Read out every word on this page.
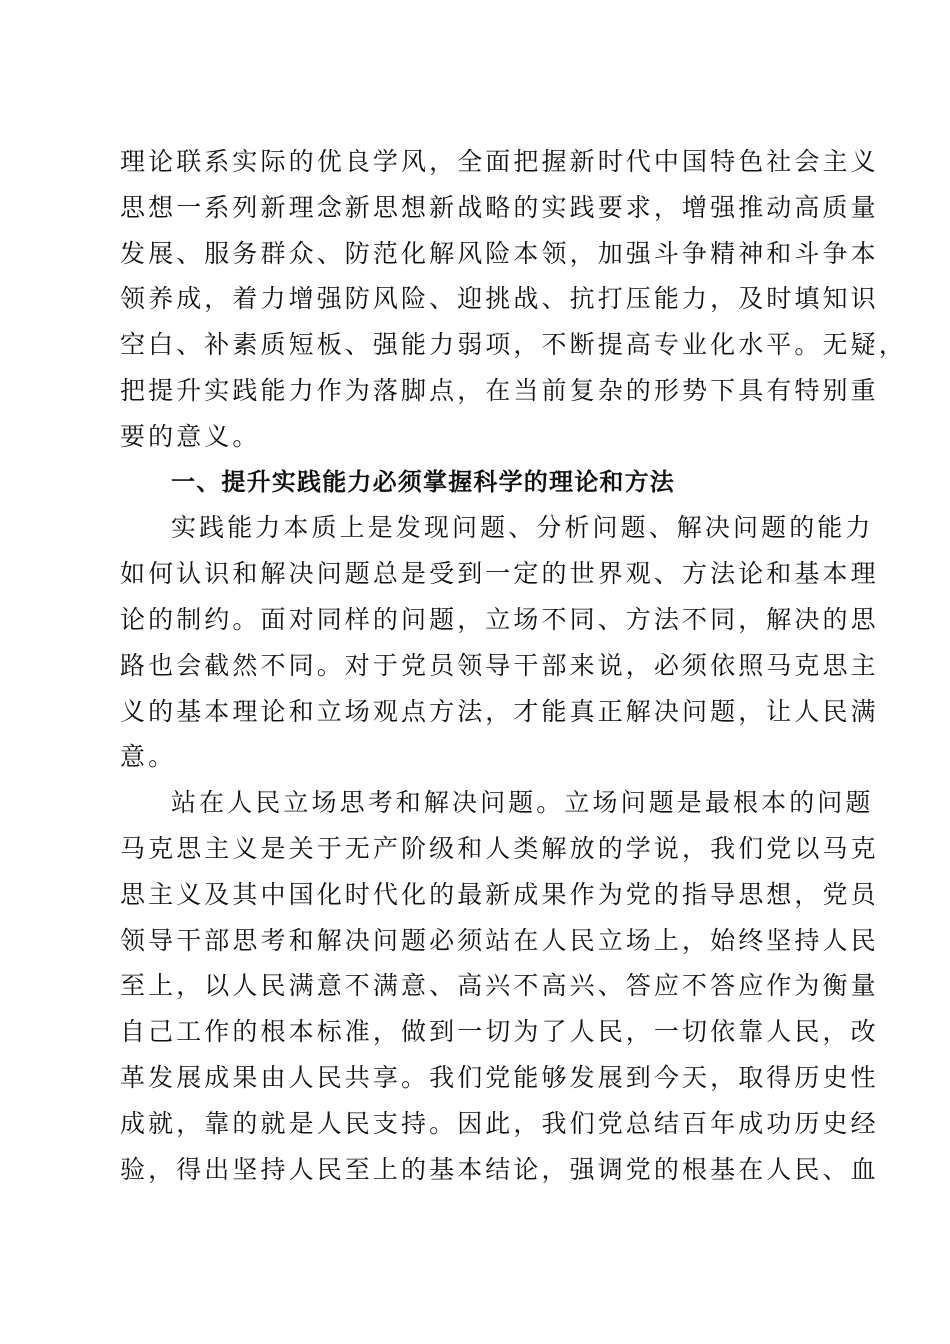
理论联系实际的优良学风，全面把握新时代中国特色社会主义
思想一系列新理念新思想新战略的实践要求，增强推动高质量
发展、服务群众、防范化解风险本领，加强斗争精神和斗争本
领养成，着力增强防风险、迎挑战、抗打压能力，及时填知识
空白、补素质短板、强能力弱项，不断提高专业化水平。无疑，
把提升实践能力作为落脚点，在当前复杂的形势下具有特别重
要的意义。
一、提升实践能力必须掌握科学的理论和方法
实践能力本质上是发现问题、分析问题、解决问题的能力
如何认识和解决问题总是受到一定的世界观、方法论和基本理
论的制约。面对同样的问题，立场不同、方法不同，解决的思
路也会截然不同。对于党员领导干部来说，必须依照马克思主
义的基本理论和立场观点方法，才能真正解决问题，让人民满
意。
站在人民立场思考和解决问题。立场问题是最根本的问题
马克思主义是关于无产阶级和人类解放的学说，我们党以马克
思主义及其中国化时代化的最新成果作为党的指导思想，党员
领导干部思考和解决问题必须站在人民立场上，始终坚持人民
至上，以人民满意不满意、高兴不高兴、答应不答应作为衡量
自己工作的根本标准，做到一切为了人民，一切依靠人民，改
革发展成果由人民共享。我们党能够发展到今天，取得历史性
成就，靠的就是人民支持。因此，我们党总结百年成功历史经
验，得出坚持人民至上的基本结论，强调党的根基在人民、血
